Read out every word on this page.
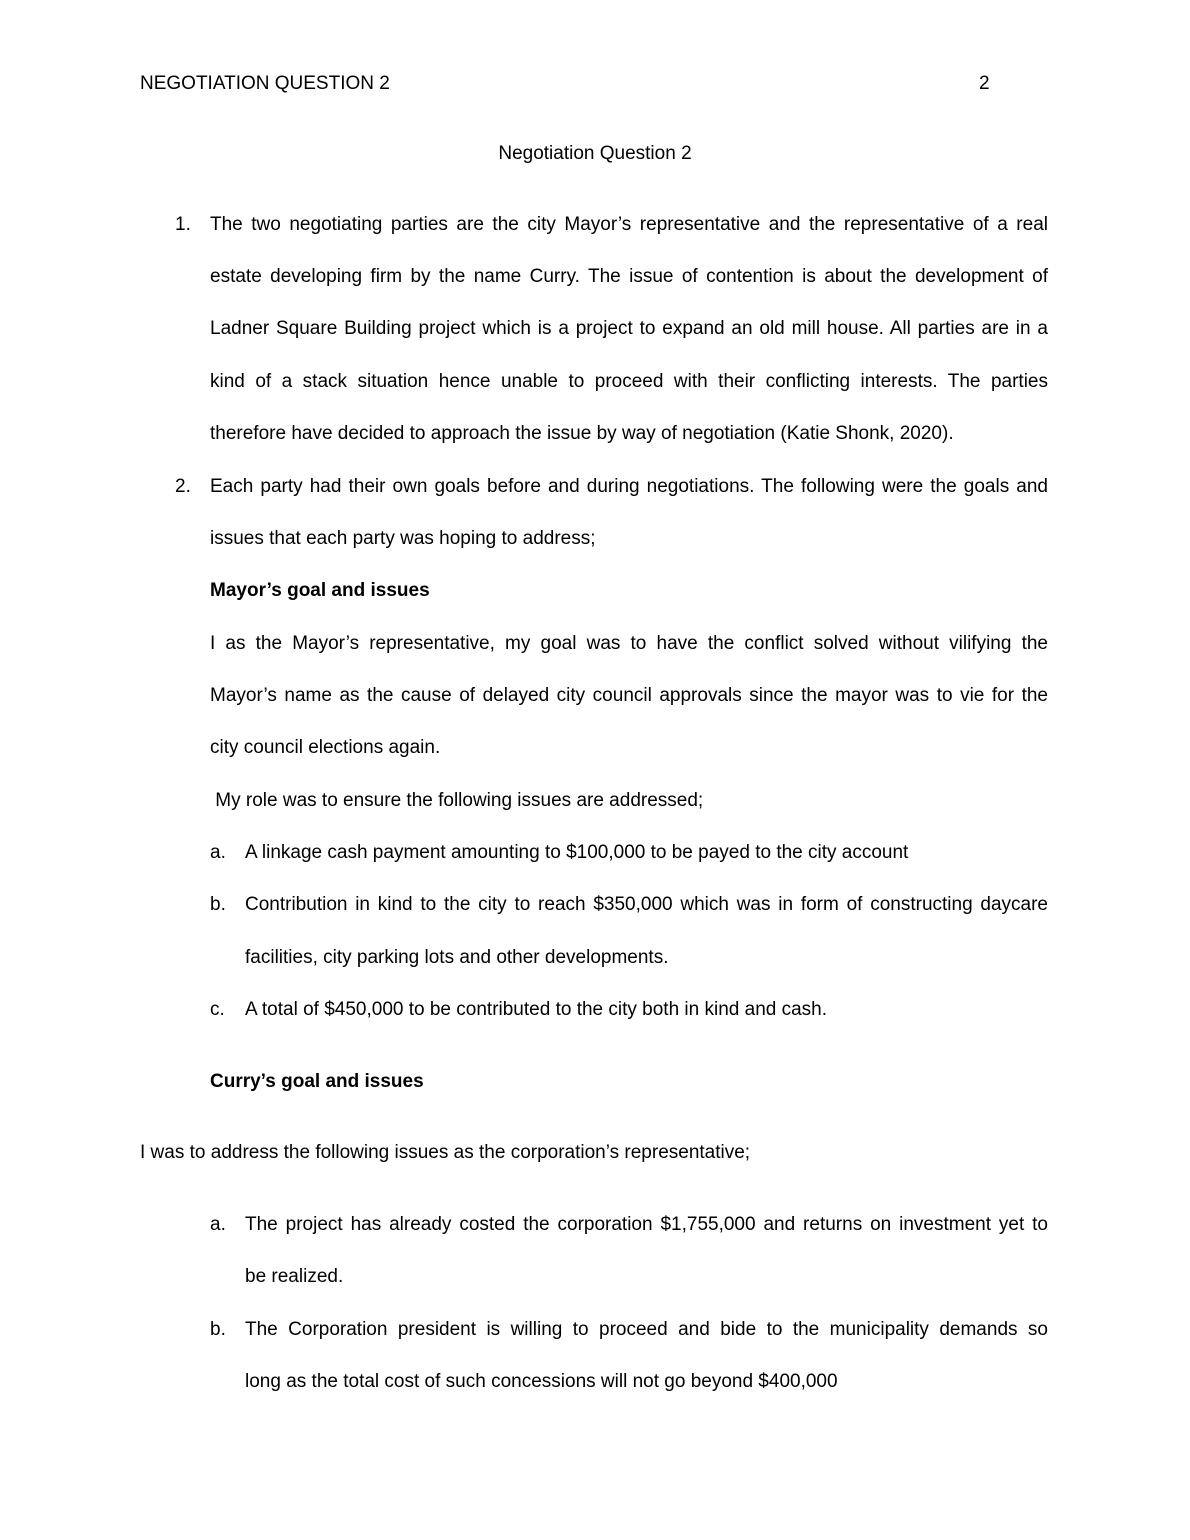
NEGOTIATION QUESTION 2	2
Negotiation Question 2
1. The two negotiating parties are the city Mayor’s representative and the representative of a real
estate developing firm by the name Curry. The issue of contention is about the development of
Ladner Square Building project which is a project to expand an old mill house. All parties are in a
kind of a stack situation hence unable to proceed with their conflicting interests. The parties
therefore have decided to approach the issue by way of negotiation (Katie Shonk, 2020).
2. Each party had their own goals before and during negotiations. The following were the goals and
issues that each party was hoping to address;
Mayor’s goal and issues
I as the Mayor’s representative, my goal was to have the conflict solved without vilifying the
Mayor’s name as the cause of delayed city council approvals since the mayor was to vie for the
city council elections again.
My role was to ensure the following issues are addressed;
a. A linkage cash payment amounting to $100,000 to be payed to the city account
b. Contribution in kind to the city to reach $350,000 which was in form of constructing daycare
facilities, city parking lots and other developments.
c. A total of $450,000 to be contributed to the city both in kind and cash.
Curry’s goal and issues
I was to address the following issues as the corporation’s representative;
a. The project has already costed the corporation $1,755,000 and returns on investment yet to
be realized.
b. The Corporation president is willing to proceed and bide to the municipality demands so
long as the total cost of such concessions will not go beyond $400,000
